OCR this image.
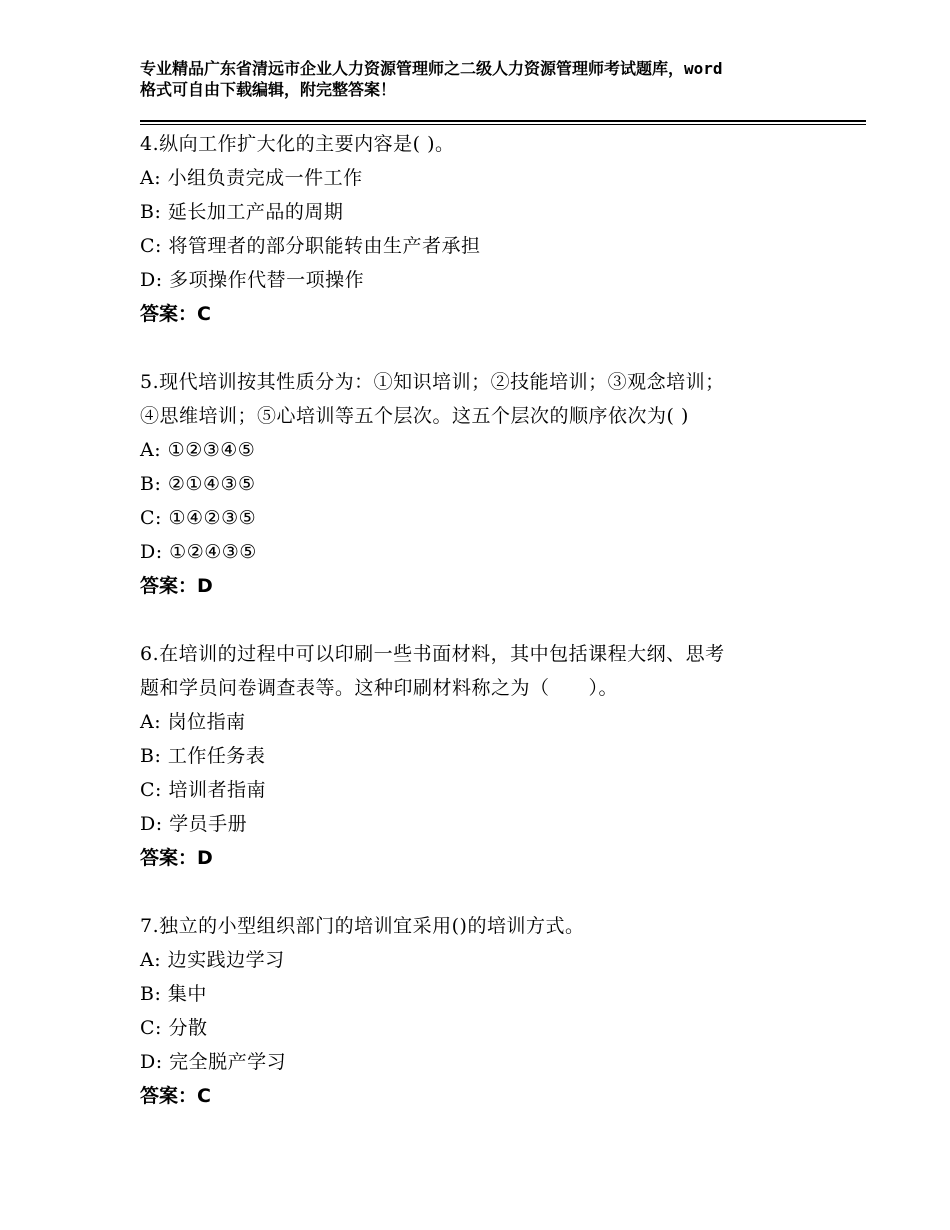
专业精品广东省清远市企业人力资源管理师之二级人力资源管理师考试题库，word
格式可自由下载编辑，附完整答案！
4.纵向工作扩大化的主要内容是( )。
A: 小组负责完成一件工作
B: 延长加工产品的周期
C: 将管理者的部分职能转由生产者承担
D: 多项操作代替一项操作
答案：C
5.现代培训按其性质分为：①知识培训；②技能培训；③观念培训；
④思维培训；⑤心培训等五个层次。这五个层次的顺序依次为( )
A: ①②③④⑤
B: ②①④③⑤
C: ①④②③⑤
D: ①②④③⑤
答案：D
6.在培训的过程中可以印刷一些书面材料，其中包括课程大纲、思考
题和学员问卷调查表等。这种印刷材料称之为（　　）。
A: 岗位指南
B: 工作任务表
C: 培训者指南
D: 学员手册
答案：D
7.独立的小型组织部门的培训宜采用()的培训方式。
A: 边实践边学习
B: 集中
C: 分散
D: 完全脱产学习
答案：C
